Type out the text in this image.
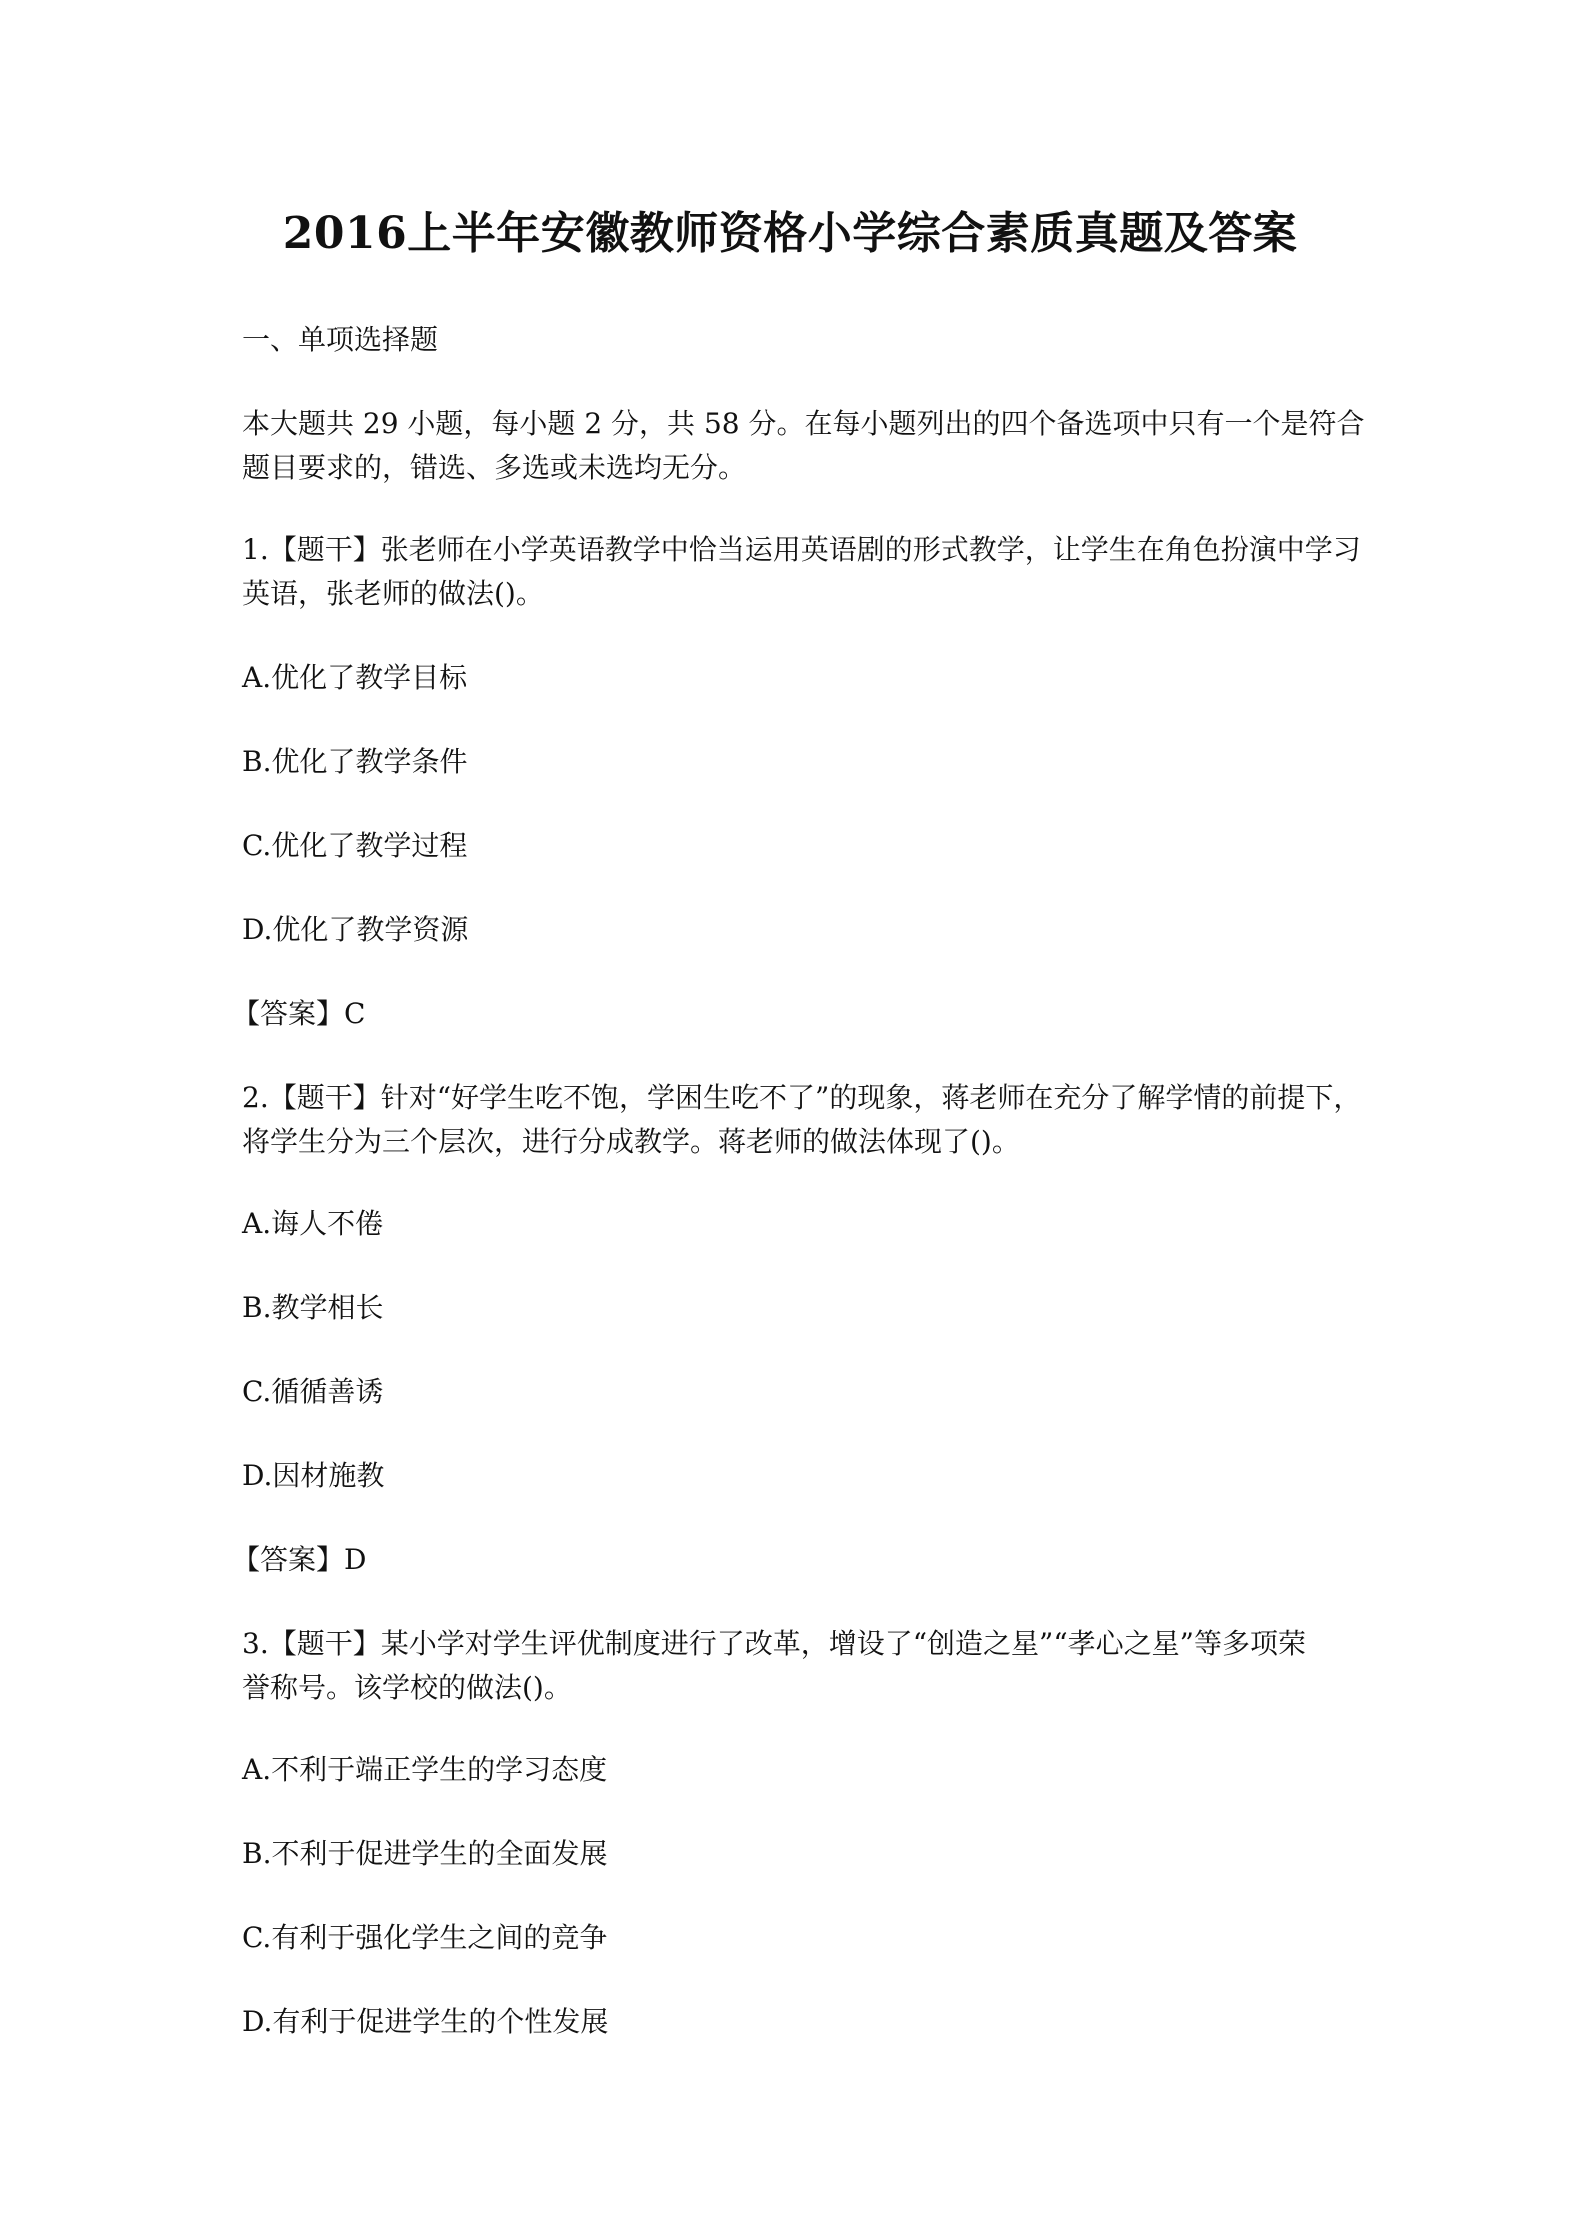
2016上半年安徽教师资格小学综合素质真题及答案
一、单项选择题
本大题共 29 小题，每小题 2 分，共 58 分。在每小题列出的四个备选项中只有一个是符合
题目要求的，错选、多选或未选均无分。
1.【题干】张老师在小学英语教学中恰当运用英语剧的形式教学，让学生在角色扮演中学习
英语，张老师的做法()。
A.优化了教学目标
B.优化了教学条件
C.优化了教学过程
D.优化了教学资源
【答案】C
2.【题干】针对“好学生吃不饱，学困生吃不了”的现象，蒋老师在充分了解学情的前提下，
将学生分为三个层次，进行分成教学。蒋老师的做法体现了()。
A.诲人不倦
B.教学相长
C.循循善诱
D.因材施教
【答案】D
3.【题干】某小学对学生评优制度进行了改革，增设了“创造之星”“孝心之星”等多项荣
誉称号。该学校的做法()。
A.不利于端正学生的学习态度
B.不利于促进学生的全面发展
C.有利于强化学生之间的竞争
D.有利于促进学生的个性发展
